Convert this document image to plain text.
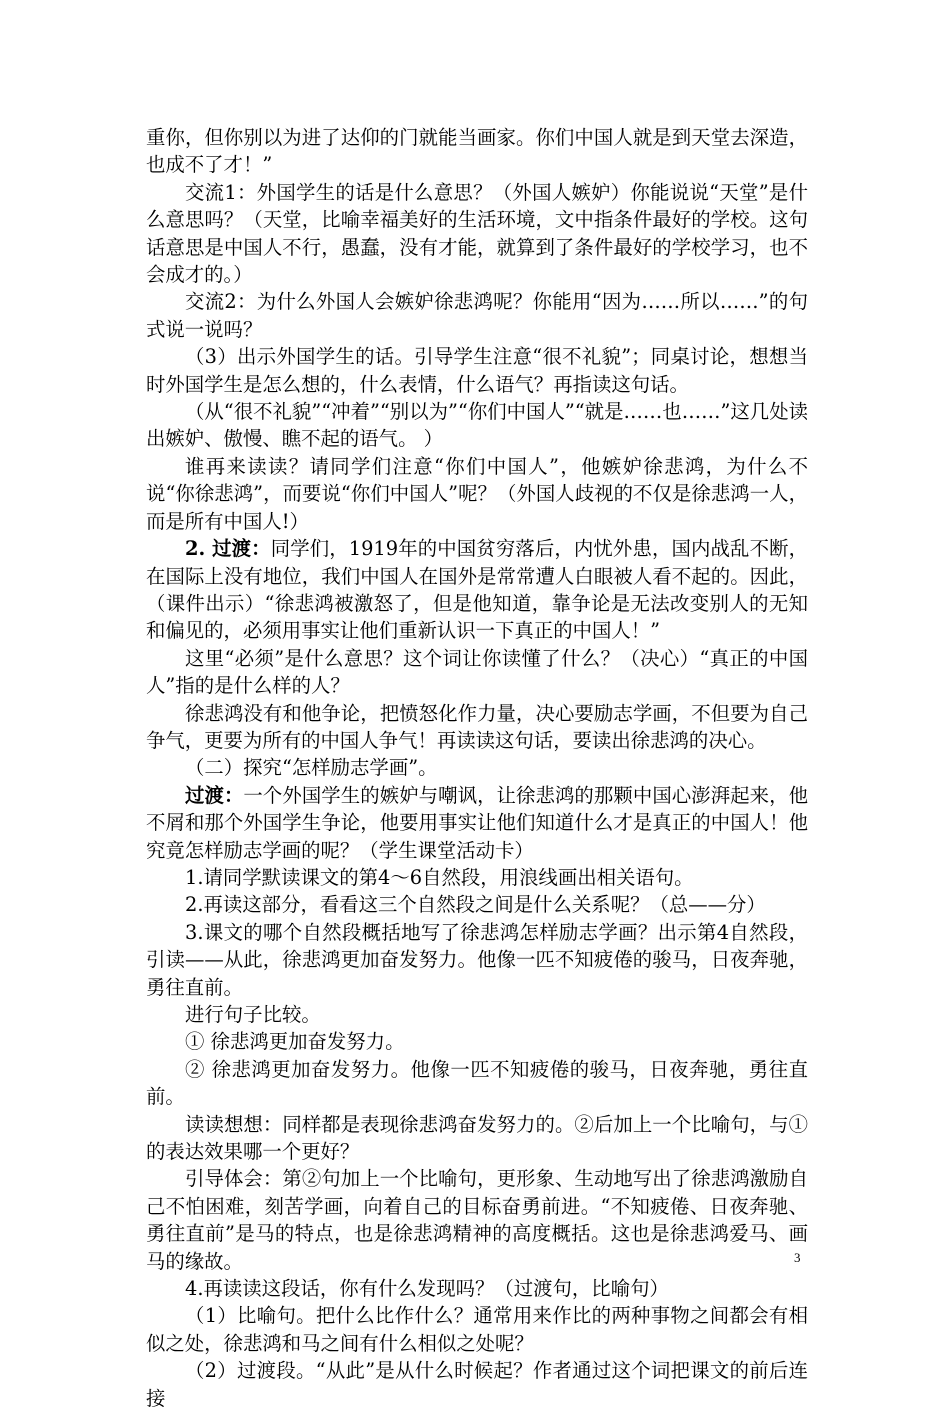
重你，但你别以为进了达仰的门就能当画家。你们中国人就是到天堂去深造，也成不了才！”

交流1：外国学生的话是什么意思？（外国人嫉妒）你能说说“天堂”是什么意思吗？（天堂，比喻幸福美好的生活环境，文中指条件最好的学校。这句话意思是中国人不行，愚蠢，没有才能，就算到了条件最好的学校学习，也不会成才的。）

交流2：为什么外国人会嫉妒徐悲鸿呢？你能用“因为……所以……”的句式说一说吗？

（3）出示外国学生的话。引导学生注意“很不礼貌”；同桌讨论，想想当时外国学生是怎么想的，什么表情，什么语气？再指读这句话。

（从“很不礼貌”“冲着”“别以为”“你们中国人”“就是……也……”这几处读出嫉妒、傲慢、瞧不起的语气。 ）

谁再来读读？请同学们注意“你们中国人”，他嫉妒徐悲鸿，为什么不说“你徐悲鸿”，而要说“你们中国人”呢？（外国人歧视的不仅是徐悲鸿一人，而是所有中国人!）

2. 过渡：同学们，1919年的中国贫穷落后，内忧外患，国内战乱不断，在国际上没有地位，我们中国人在国外是常常遭人白眼被人看不起的。因此，（课件出示）“徐悲鸿被激怒了，但是他知道，靠争论是无法改变别人的无知和偏见的，必须用事实让他们重新认识一下真正的中国人！”

这里“必须”是什么意思？这个词让你读懂了什么？（决心）“真正的中国人”指的是什么样的人？

徐悲鸿没有和他争论，把愤怒化作力量，决心要励志学画，不但要为自己争气，更要为所有的中国人争气！再读读这句话，要读出徐悲鸿的决心。

（二）探究“怎样励志学画”。

过渡：一个外国学生的嫉妒与嘲讽，让徐悲鸿的那颗中国心澎湃起来，他不屑和那个外国学生争论，他要用事实让他们知道什么才是真正的中国人！他究竟怎样励志学画的呢？（学生课堂活动卡）

1.请同学默读课文的第4～6自然段，用浪线画出相关语句。

2.再读这部分，看看这三个自然段之间是什么关系呢？（总——分）

3.课文的哪个自然段概括地写了徐悲鸿怎样励志学画？出示第4自然段，引读——从此，徐悲鸿更加奋发努力。他像一匹不知疲倦的骏马，日夜奔驰，勇往直前。

进行句子比较。

① 徐悲鸿更加奋发努力。

② 徐悲鸿更加奋发努力。他像一匹不知疲倦的骏马，日夜奔驰，勇往直前。

读读想想：同样都是表现徐悲鸿奋发努力的。②后加上一个比喻句，与①的表达效果哪一个更好？

引导体会：第②句加上一个比喻句，更形象、生动地写出了徐悲鸿激励自己不怕困难，刻苦学画，向着自己的目标奋勇前进。“不知疲倦、日夜奔驰、勇往直前”是马的特点，也是徐悲鸿精神的高度概括。这也是徐悲鸿爱马、画马的缘故。

4.再读读这段话，你有什么发现吗？（过渡句，比喻句）

（1）比喻句。把什么比作什么？通常用来作比的两种事物之间都会有相似之处，徐悲鸿和马之间有什么相似之处呢？

（2）过渡段。“从此”是从什么时候起？作者通过这个词把课文的前后连接

3
